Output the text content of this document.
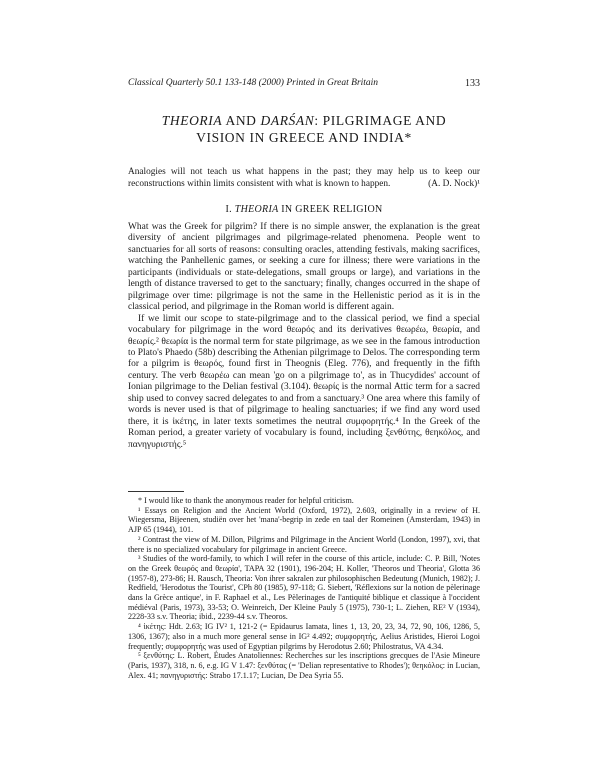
Classical Quarterly 50.1 133-148 (2000) Printed in Great Britain	133
THEORIA AND DARŚAN: PILGRIMAGE AND
VISION IN GREECE AND INDIA*
Analogies will not teach us what happens in the past; they may help us to keep our reconstructions within limits consistent with what is known to happen.	(A. D. Nock)¹
I. THEORIA IN GREEK RELIGION

What was the Greek for pilgrim? If there is no simple answer, the explanation is the great diversity of ancient pilgrimages and pilgrimage-related phenomena. People went to sanctuaries for all sorts of reasons: consulting oracles, attending festivals, making sacrifices, watching the Panhellenic games, or seeking a cure for illness; there were variations in the participants (individuals or state-delegations, small groups or large), and variations in the length of distance traversed to get to the sanctuary; finally, changes occurred in the shape of pilgrimage over time: pilgrimage is not the same in the Hellenistic period as it is in the classical period, and pilgrimage in the Roman world is different again.

If we limit our scope to state-pilgrimage and to the classical period, we find a special vocabulary for pilgrimage in the word θεωρός and its derivatives θεωρέω, θεωρία, and θεωρίς.² θεωρία is the normal term for state pilgrimage, as we see in the famous introduction to Plato's Phaedo (58b) describing the Athenian pilgrimage to Delos. The corresponding term for a pilgrim is θεωρός, found first in Theognis (Eleg. 776), and frequently in the fifth century. The verb θεωρέω can mean 'go on a pilgrimage to', as in Thucydides' account of Ionian pilgrimage to the Delian festival (3.104). θεωρίς is the normal Attic term for a sacred ship used to convey sacred delegates to and from a sanctuary.³ One area where this family of words is never used is that of pilgrimage to healing sanctuaries; if we find any word used there, it is ἱκέτης, in later texts sometimes the neutral συμφορητής.⁴ In the Greek of the Roman period, a greater variety of vocabulary is found, including ξενθύτης, θεηκόλος, and πανηγυριστής.⁵

* I would like to thank the anonymous reader for helpful criticism.

¹ Essays on Religion and the Ancient World (Oxford, 1972), 2.603, originally in a review of H. Wiegersma, Bijeenen, studiën over het 'mana'-begrip in zede en taal der Romeinen (Amsterdam, 1943) in AJP 65 (1944), 101.

² Contrast the view of M. Dillon, Pilgrims and Pilgrimage in the Ancient World (London, 1997), xvi, that there is no specialized vocabulary for pilgrimage in ancient Greece.

³ Studies of the word-family, to which I will refer in the course of this article, include: C. P. Bill, 'Notes on the Greek θεωρός and θεωρία', TAPA 32 (1901), 196-204; H. Koller, 'Theoros und Theoria', Glotta 36 (1957-8), 273-86; H. Rausch, Theoria: Von ihrer sakralen zur philosophischen Bedeutung (Munich, 1982); J. Redfield, 'Herodotus the Tourist', CPh 80 (1985), 97-118; G. Siebert, 'Réflexions sur la notion de pèlerinage dans la Grèce antique', in F. Raphael et al., Les Pèlerinages de l'antiquité biblique et classique à l'occident médiéval (Paris, 1973), 33-53; O. Weinreich, Der Kleine Pauly 5 (1975), 730-1; L. Ziehen, RE² V (1934), 2228-33 s.v. Theoria; ibid., 2239-44 s.v. Theoros.

⁴ ἱκέτης: Hdt. 2.63; IG IV² 1, 121-2 (= Epidaurus Iamata, lines 1, 13, 20, 23, 34, 72, 90, 106, 1286, 5, 1306, 1367); also in a much more general sense in IG² 4.492; συμφορητής, Aelius Aristides, Hieroi Logoi frequently; συμφορητής was used of Egyptian pilgrims by Herodotus 2.60; Philostratus, VA 4.34.

⁵ ξενθύτης: L. Robert, Études Anatoliennes: Recherches sur les inscriptions grecques de l'Asie Mineure (Paris, 1937), 318, n. 6, e.g. IG V 1.47: ξενθύτας (= 'Delian representative to Rhodes'); θεηκόλος: in Lucian, Alex. 41; πανηγυριστής: Strabo 17.1.17; Lucian, De Dea Syria 55.
